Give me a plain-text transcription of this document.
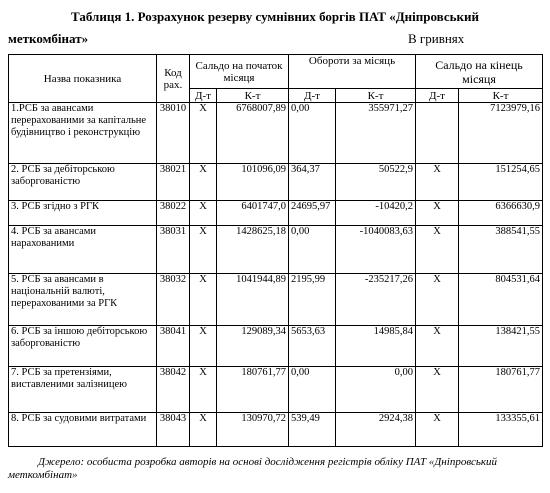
Таблиця 1. Розрахунок резерву сумнівних боргів ПАТ «Дніпровський
меткомбінат»	В гривнях
Назва показника	Код рах.	Сальдо на початок місяця		Обороти за місяць		Сальдо на кінець місяця	
		Д-т	К-т	Д-т	К-т	Д-т	К-т
1.РСБ за авансами перерахованими за капітальне будівництво і реконструкцію	38010	Х	6768007,89	0,00	355971,27		7123979,16
2. РСБ за дебіторською заборгованістю	38021	Х	101096,09	364,37	50522,9	Х	151254,65
3. РСБ згідно з РГК	38022	Х	6401747,0	24695,97	-10420,2	Х	6366630,9
4. РСБ за авансами нарахованими	38031	Х	1428625,18	0,00	-1040083,63	Х	388541,55
5. РСБ за авансами в національній валюті, перерахованими за РГК	38032	Х	1041944,89	2195,99	-235217,26	Х	804531,64
6. РСБ за іншою дебіторською заборгованістю	38041	Х	129089,34	5653,63	14985,84	Х	138421,55
7. РСБ за претензіями, виставленими залізницею	38042	Х	180761,77	0,00	0,00	Х	180761,77
8. РСБ за судовими витратами	38043	Х	130970,72	539,49	2924,38	Х	133355,61
Джерело: особиста розробка авторів на основі дослідження регістрів обліку ПАТ «Дніпровський меткомбінат»
